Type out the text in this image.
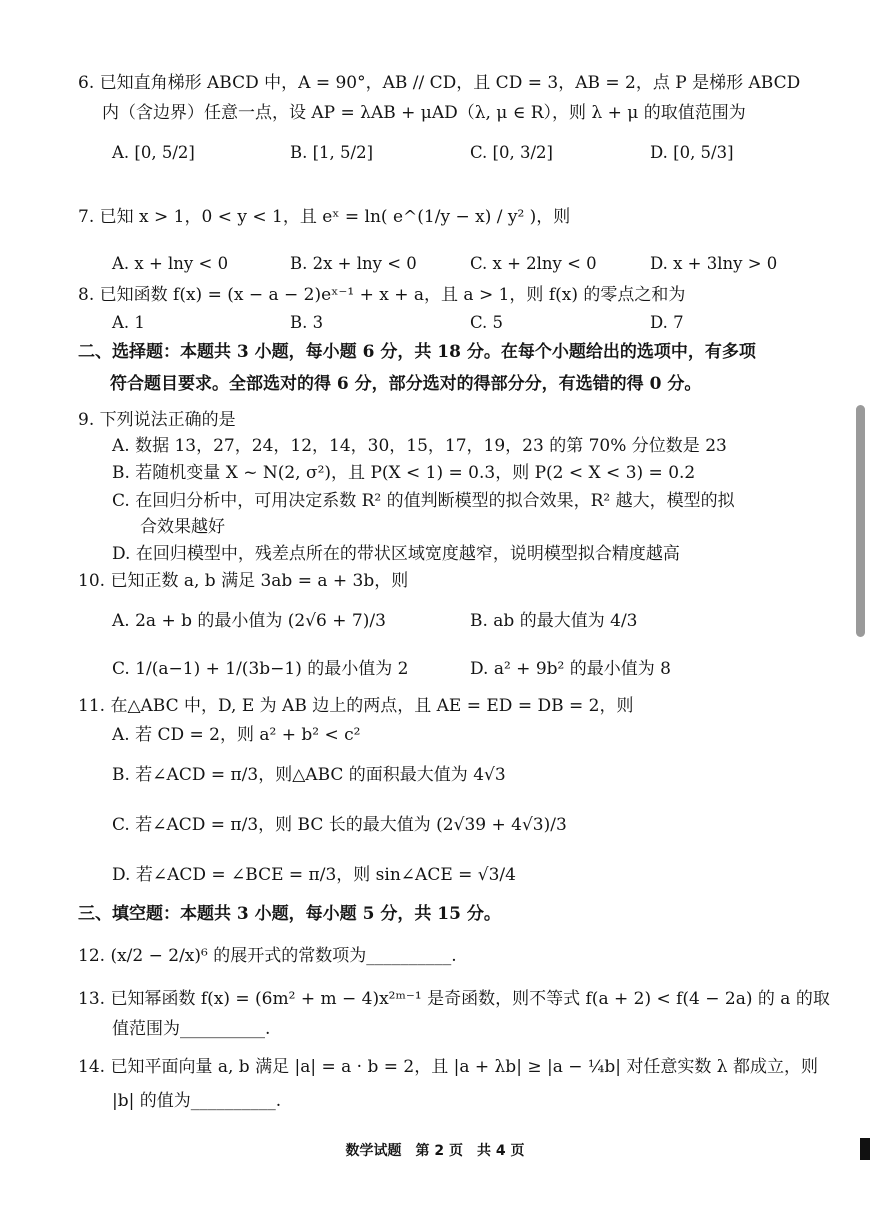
6. 已知直角梯形 ABCD 中，A = 90°，AB // CD，且 CD = 3，AB = 2，点 P 是梯形 ABCD
内（含边界）任意一点，设 AP = λAB + μAD（λ, μ ∈ R），则 λ + μ 的取值范围为
A. [0, 5/2]	B. [1, 5/2]	C. [0, 3/2]	D. [0, 5/3]
7. 已知 x > 1，0 < y < 1，且 eˣ = ln( e^(1/y − x) / y² )，则
A. x + lny < 0	B. 2x + lny < 0	C. x + 2lny < 0	D. x + 3lny > 0
8. 已知函数 f(x) = (x − a − 2)eˣ⁻¹ + x + a，且 a > 1，则 f(x) 的零点之和为
A. 1	B. 3	C. 5	D. 7
二、选择题：本题共 3 小题，每小题 6 分，共 18 分。在每个小题给出的选项中，有多项
符合题目要求。全部选对的得 6 分，部分选对的得部分分，有选错的得 0 分。
9. 下列说法正确的是
A. 数据 13，27，24，12，14，30，15，17，19，23 的第 70% 分位数是 23
B. 若随机变量 X ~ N(2, σ²)，且 P(X < 1) = 0.3，则 P(2 < X < 3) = 0.2
C. 在回归分析中，可用决定系数 R² 的值判断模型的拟合效果，R² 越大，模型的拟
合效果越好
D. 在回归模型中，残差点所在的带状区域宽度越窄，说明模型拟合精度越高
10. 已知正数 a, b 满足 3ab = a + 3b，则
A. 2a + b 的最小值为 (2√6 + 7)/3	B. ab 的最大值为 4/3
C. 1/(a−1) + 1/(3b−1) 的最小值为 2	D. a² + 9b² 的最小值为 8
11. 在△ABC 中，D, E 为 AB 边上的两点，且 AE = ED = DB = 2，则
A. 若 CD = 2，则 a² + b² < c²
B. 若∠ACD = π/3，则△ABC 的面积最大值为 4√3
C. 若∠ACD = π/3，则 BC 长的最大值为 (2√39 + 4√3)/3
D. 若∠ACD = ∠BCE = π/3，则 sin∠ACE = √3/4
三、填空题：本题共 3 小题，每小题 5 分，共 15 分。
12. (x/2 − 2/x)⁶ 的展开式的常数项为__________.
13. 已知幂函数 f(x) = (6m² + m − 4)x²ᵐ⁻¹ 是奇函数，则不等式 f(a + 2) < f(4 − 2a) 的 a 的取
值范围为__________.
14. 已知平面向量 a, b 满足 |a| = a · b = 2，且 |a + λb| ≥ |a − ¼b| 对任意实数 λ 都成立，则
|b| 的值为__________.
数学试题　第 2 页　共 4 页
